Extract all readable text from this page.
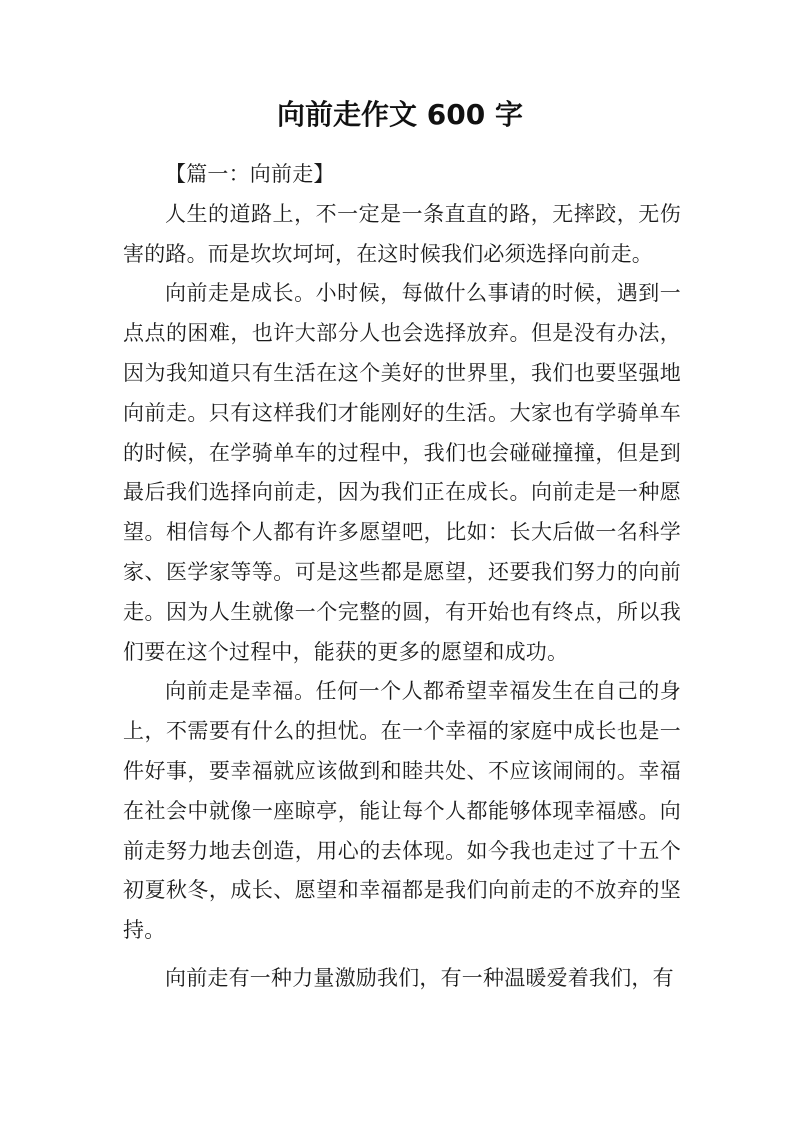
向前走作文 600 字

【篇一：向前走】

人生的道路上，不一定是一条直直的路，无摔跤，无伤害的路。而是坎坎坷坷，在这时候我们必须选择向前走。

向前走是成长。小时候，每做什么事请的时候，遇到一点点的困难，也许大部分人也会选择放弃。但是没有办法，因为我知道只有生活在这个美好的世界里，我们也要坚强地向前走。只有这样我们才能刚好的生活。大家也有学骑单车的时候，在学骑单车的过程中，我们也会碰碰撞撞，但是到最后我们选择向前走，因为我们正在成长。向前走是一种愿望。相信每个人都有许多愿望吧，比如：长大后做一名科学家、医学家等等。可是这些都是愿望，还要我们努力的向前走。因为人生就像一个完整的圆，有开始也有终点，所以我们要在这个过程中，能获的更多的愿望和成功。

向前走是幸福。任何一个人都希望幸福发生在自己的身上，不需要有什么的担忧。在一个幸福的家庭中成长也是一件好事，要幸福就应该做到和睦共处、不应该闹闹的。幸福在社会中就像一座晾亭，能让每个人都能够体现幸福感。向前走努力地去创造，用心的去体现。如今我也走过了十五个初夏秋冬，成长、愿望和幸福都是我们向前走的不放弃的坚持。

向前走有一种力量激励我们，有一种温暖爱着我们，有
